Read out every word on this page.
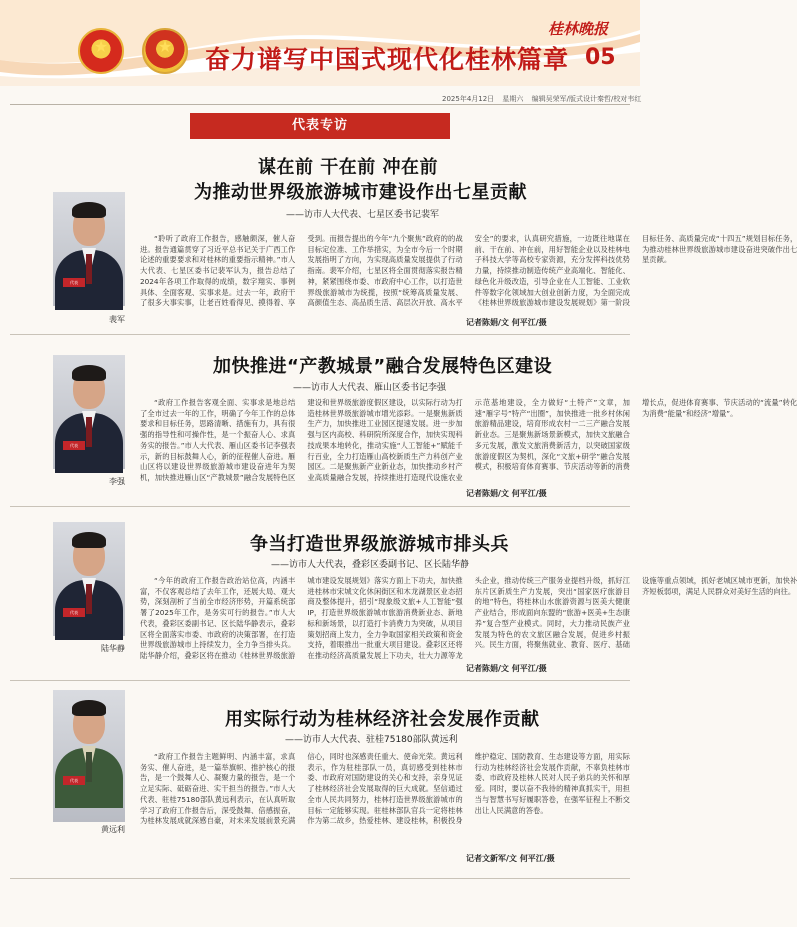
★	★	奋力谱写中国式现代化桂林篇章
桂林晚报
05
2025年4月12日 星期六 编辑吴荣军/版式设计秦哲/校对韦红
代表专访
谋在前 干在前 冲在前
为推动世界级旅游城市建设作出七星贡献
——访市人大代表、七星区委书记裴军
代表
裴军

“聆听了政府工作报告，感触颇深，催人奋进。报告通篇贯穿了习近平总书记关于广西工作论述的重要要求和对桂林的重要指示精神。”市人大代表、七星区委书记裴军认为，报告总结了2024年各项工作取得的成绩，数字翔实、事例具体、全面客观、实事求是。过去一年，政府干了很多大事实事，让老百姓看得见、摸得着、享受到。而报告提出的今年“九个聚焦”政府的的战目标定位准、工作举措实，为全市今后一个时期发展指明了方向，为实现高质量发展提供了行动指南。裴军介绍，七星区将全面贯彻落实报告精神，紧紧围绕市委、市政府中心工作，以打造世界级旅游城市为统揽，按照“统筹高质量发展、高颜值生态、高品质生活、高层次开放、高水平安全”的要求，认真研究措施，一边既往地谋在前、干在前、冲在前，用好智能企业以及桂林电子科技大学等高校专家资源，充分发挥科技优势力量，持续推动制造传统产业高端化、智能化、绿色化升级改造，引导企业在人工智能、工业软件等数字化领域加大创业创新力度，为全面完成《桂林世界级旅游城市建设发展规划》第一阶段目标任务、高质量完成“十四五”规划目标任务，为推动桂林世界级旅游城市建设奋进突破作出七星贡献。

记者陈娟/文 何平江/摄
加快推进“产教城景”融合发展特色区建设
——访市人大代表、雁山区委书记李强
代表
李强

“政府工作报告客观全面、实事求是地总结了全市过去一年的工作，明确了今年工作的总体要求和目标任务，思路清晰、措施有力，具有很强的指导性和可操作性，是一个振奋人心、求真务实的报告。”市人大代表、雁山区委书记李强表示，新的目标鼓舞人心，新的征程催人奋进。雁山区将以建设世界级旅游城市建设奋进年为契机，加快推进雁山区“产教城景”融合发展特色区建设和世界级旅游度假区建设，以实际行动为打造桂林世界级旅游城市增光添彩。一是聚焦新质生产力，加快推进工业园区提速发展。进一步加强与区内高校、科研院所深度合作，加快实现科技成果本地转化，推动实施“人工智能+”赋能千行百业，全力打造雁山高校新质生产力科创产业园区。二是聚焦新产业新业态，加快推动乡村产业高质量融合发展，持续推进打造现代设施农业示范基地建设，全力做好“土特产”文章，加速“雁字号”特产“出圈”，加快推进一批乡村休闲旅游精品建设，培育形成农村一二三产融合发展新业态。三是聚焦新场景新模式，加快文旅融合多元发展，激发文旅消费新活力，以突破国家级旅游度假区为契机，深化“文旅+研学”融合发展模式，积极培育体育赛事、节庆活动等新的消费增长点，促进体育赛事、节庆活动的“流量”转化为消费“能量”和经济“增量”。

记者陈娟/文 何平江/摄
争当打造世界级旅游城市排头兵
——访市人大代表，叠彩区委副书记、区长陆华静
代表
陆华静

“今年的政府工作报告政治站位高，内涵丰富，不仅客观总结了去年工作，还展大局、观大势，深刻剖析了当前全市经济形势，开篇系统部署了2025年工作，是务实可行的报告。”市人大代表，叠彩区委副书记、区长陆华静表示，叠彩区将全面落实市委、市政府的决策部署，在打造世界级旅游城市上持续发力，全力争当排头兵。陆华静介绍，叠彩区将在推动《桂林世界级旅游城市建设发展规划》落实方面上下功夫，加快推进桂林市宋城文化休闲街区和木龙湖景区业态招商及整体提升，招引“现象级文旅+人工智能”强IP，打造世界级旅游城市旅游消费新业态、新地标和新场景，以打造打卡消费力为突破，从项目策划招商上发力，全力争取国家相关政策和资金支持，着眼推出一批重大项目建设。叠彩区还将在推动经济高质量发展上下功夫，壮大力源等龙头企业，推动传统三产服务业提档升级，抓好江东片区新质生产力发展，突出“国家医疗旅游目的地”特色，将桂林山水旅游资源与医美大健康产业结合，形成面向东盟的“旅游+医美+生态康养”复合型产业模式。同时，大力推动民族产业发展为特色的农文旅区融合发展，促进乡村振兴。民生方面，将聚焦就业、教育、医疗、基础设施等重点领域，抓好老城区城市更新，加快补齐短板弱项，满足人民群众对美好生活的向往。

记者陈娟/文 何平江/摄
用实际行动为桂林经济社会发展作贡献
——访市人大代表、驻桂75180部队黄远利
代表
黄远利

“政府工作报告主题鲜明、内涵丰富，求真务实、催人奋进，是一篇举旗帜、推护核心的报告，是一个鼓舞人心、凝聚力量的报告，是一个立足实际、砥砺奋进、实干担当的报告。”市人大代表、驻桂75180部队黄远利表示，在认真听取学习了政府工作报告后，深受鼓舞、倍感振奋，为桂林发展成就深感自豪，对未来发展前景充满信心，同时也深感责任重大、使命光荣。黄远利表示，作为驻桂部队一员，真切感受到桂林市委、市政府对国防建设的关心和支持，亲身见证了桂林经济社会发展取得的巨大成就。坚信通过全市人民共同努力，桂林打造世界级旅游城市的目标一定能够实现。驻桂林部队官兵一定将桂林作为第二故乡，热爱桂林、建设桂林，积极投身维护稳定、国防教育、生态建设等方面，用实际行动为桂林经济社会发展作贡献，不辜负桂林市委、市政府及桂林人民对人民子弟兵的关怀和厚爱。同时，要以奋不我待的精神真抓实干，用担当与智慧书写好履职答卷，在强军征程上不断交出让人民满意的答卷。

记者文新军/文 何平江/摄
